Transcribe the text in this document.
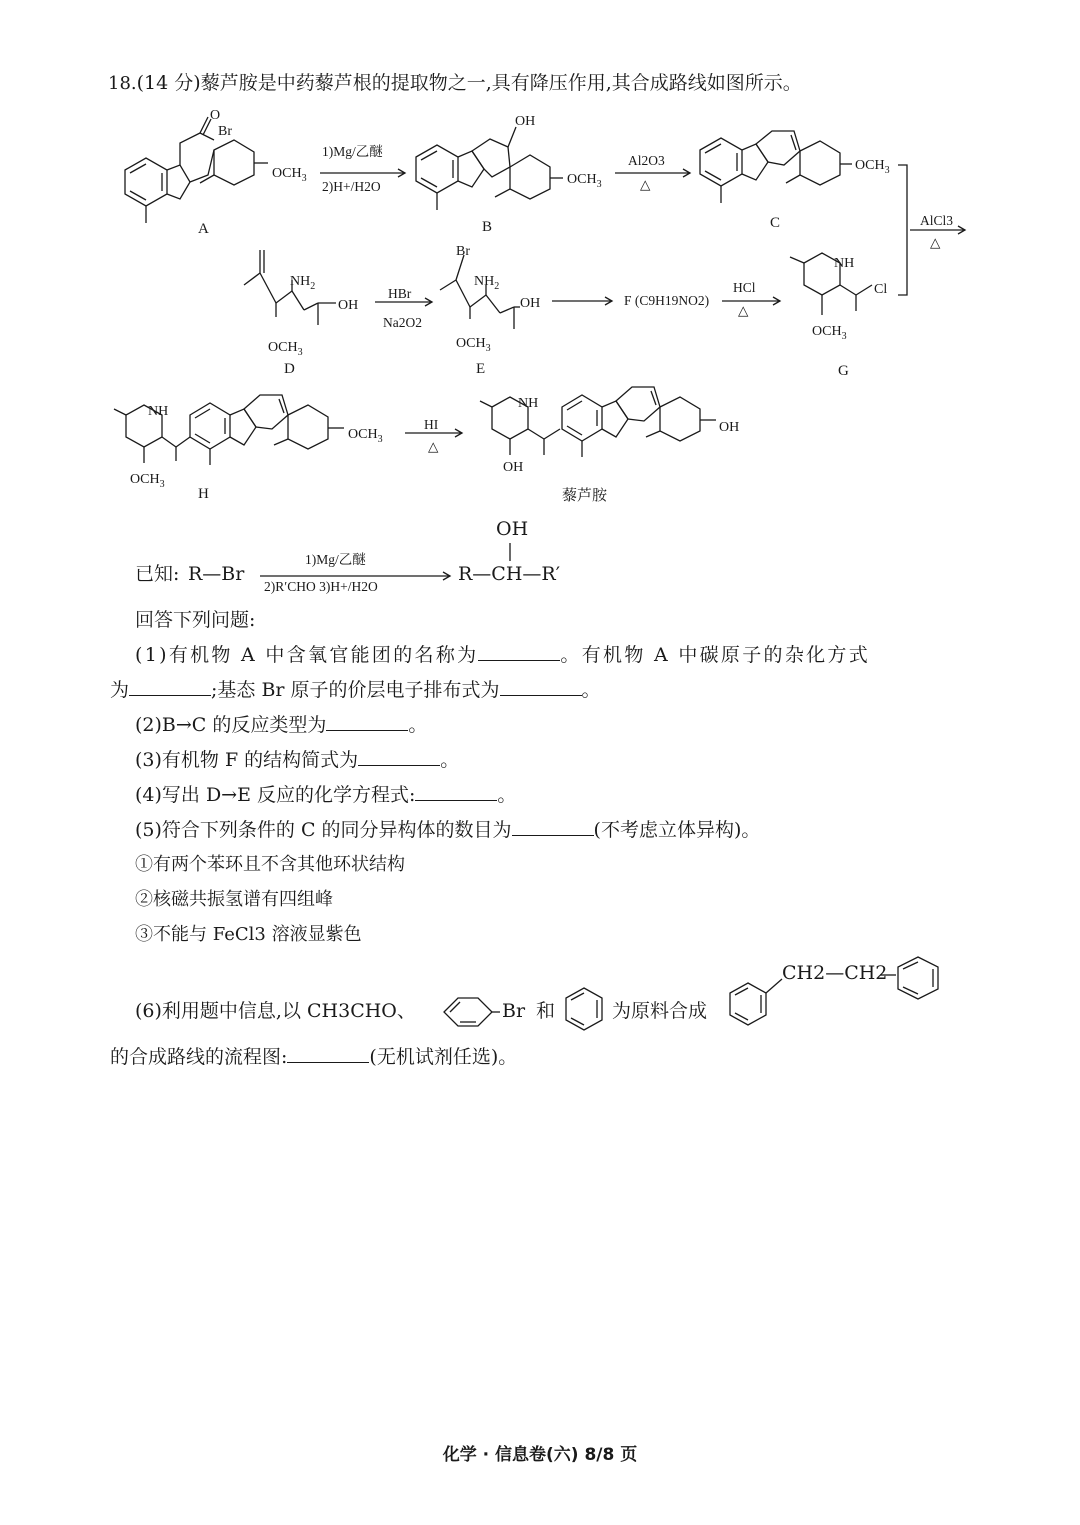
18.(14 分)藜芦胺是中药藜芦根的提取物之一,具有降压作用,其合成路线如图所示。
O
Br
$OCH_3$
OH
$OCH_3$
$OCH_3$
$NH_2$
OH
$OCH_3$
Br
$NH_2$
OH
$OCH_3$
NH
Cl
$OCH_3$
NH
$OCH_3$
$OCH_3$
NH
OH
OH
A	B	C
D	E	G
H	藜芦胺
F (C9H19NO2)
1)Mg/乙醚
2)H+/H2O
Al2O3
△
AlCl3
△
HBr
Na2O2
HCl
△
HI
△
已知: R—Br
1)Mg/乙醚
2)R′CHO 3)H+/H2O
R—CH—R′
OH
回答下列问题:
(1)有机物 A 中含氧官能团的名称为	。有机物 A 中碳原子的杂化方式
为	;基态 Br 原子的价层电子排布式为	。
(2)B→C 的反应类型为	。
(3)有机物 F 的结构简式为	。
(4)写出 D→E 反应的化学方程式:	。
(5)符合下列条件的 C 的同分异构体的数目为	(不考虑立体异构)。
①有两个苯环且不含其他环状结构
②核磁共振氢谱有四组峰
③不能与 FeCl3 溶液显紫色
(6)利用题中信息,以 CH3CHO、	Br 和	为原料合成
CH2—CH2
的合成路线的流程图:	(无机试剂任选)。
化学 · 信息卷(六) 8/8 页
